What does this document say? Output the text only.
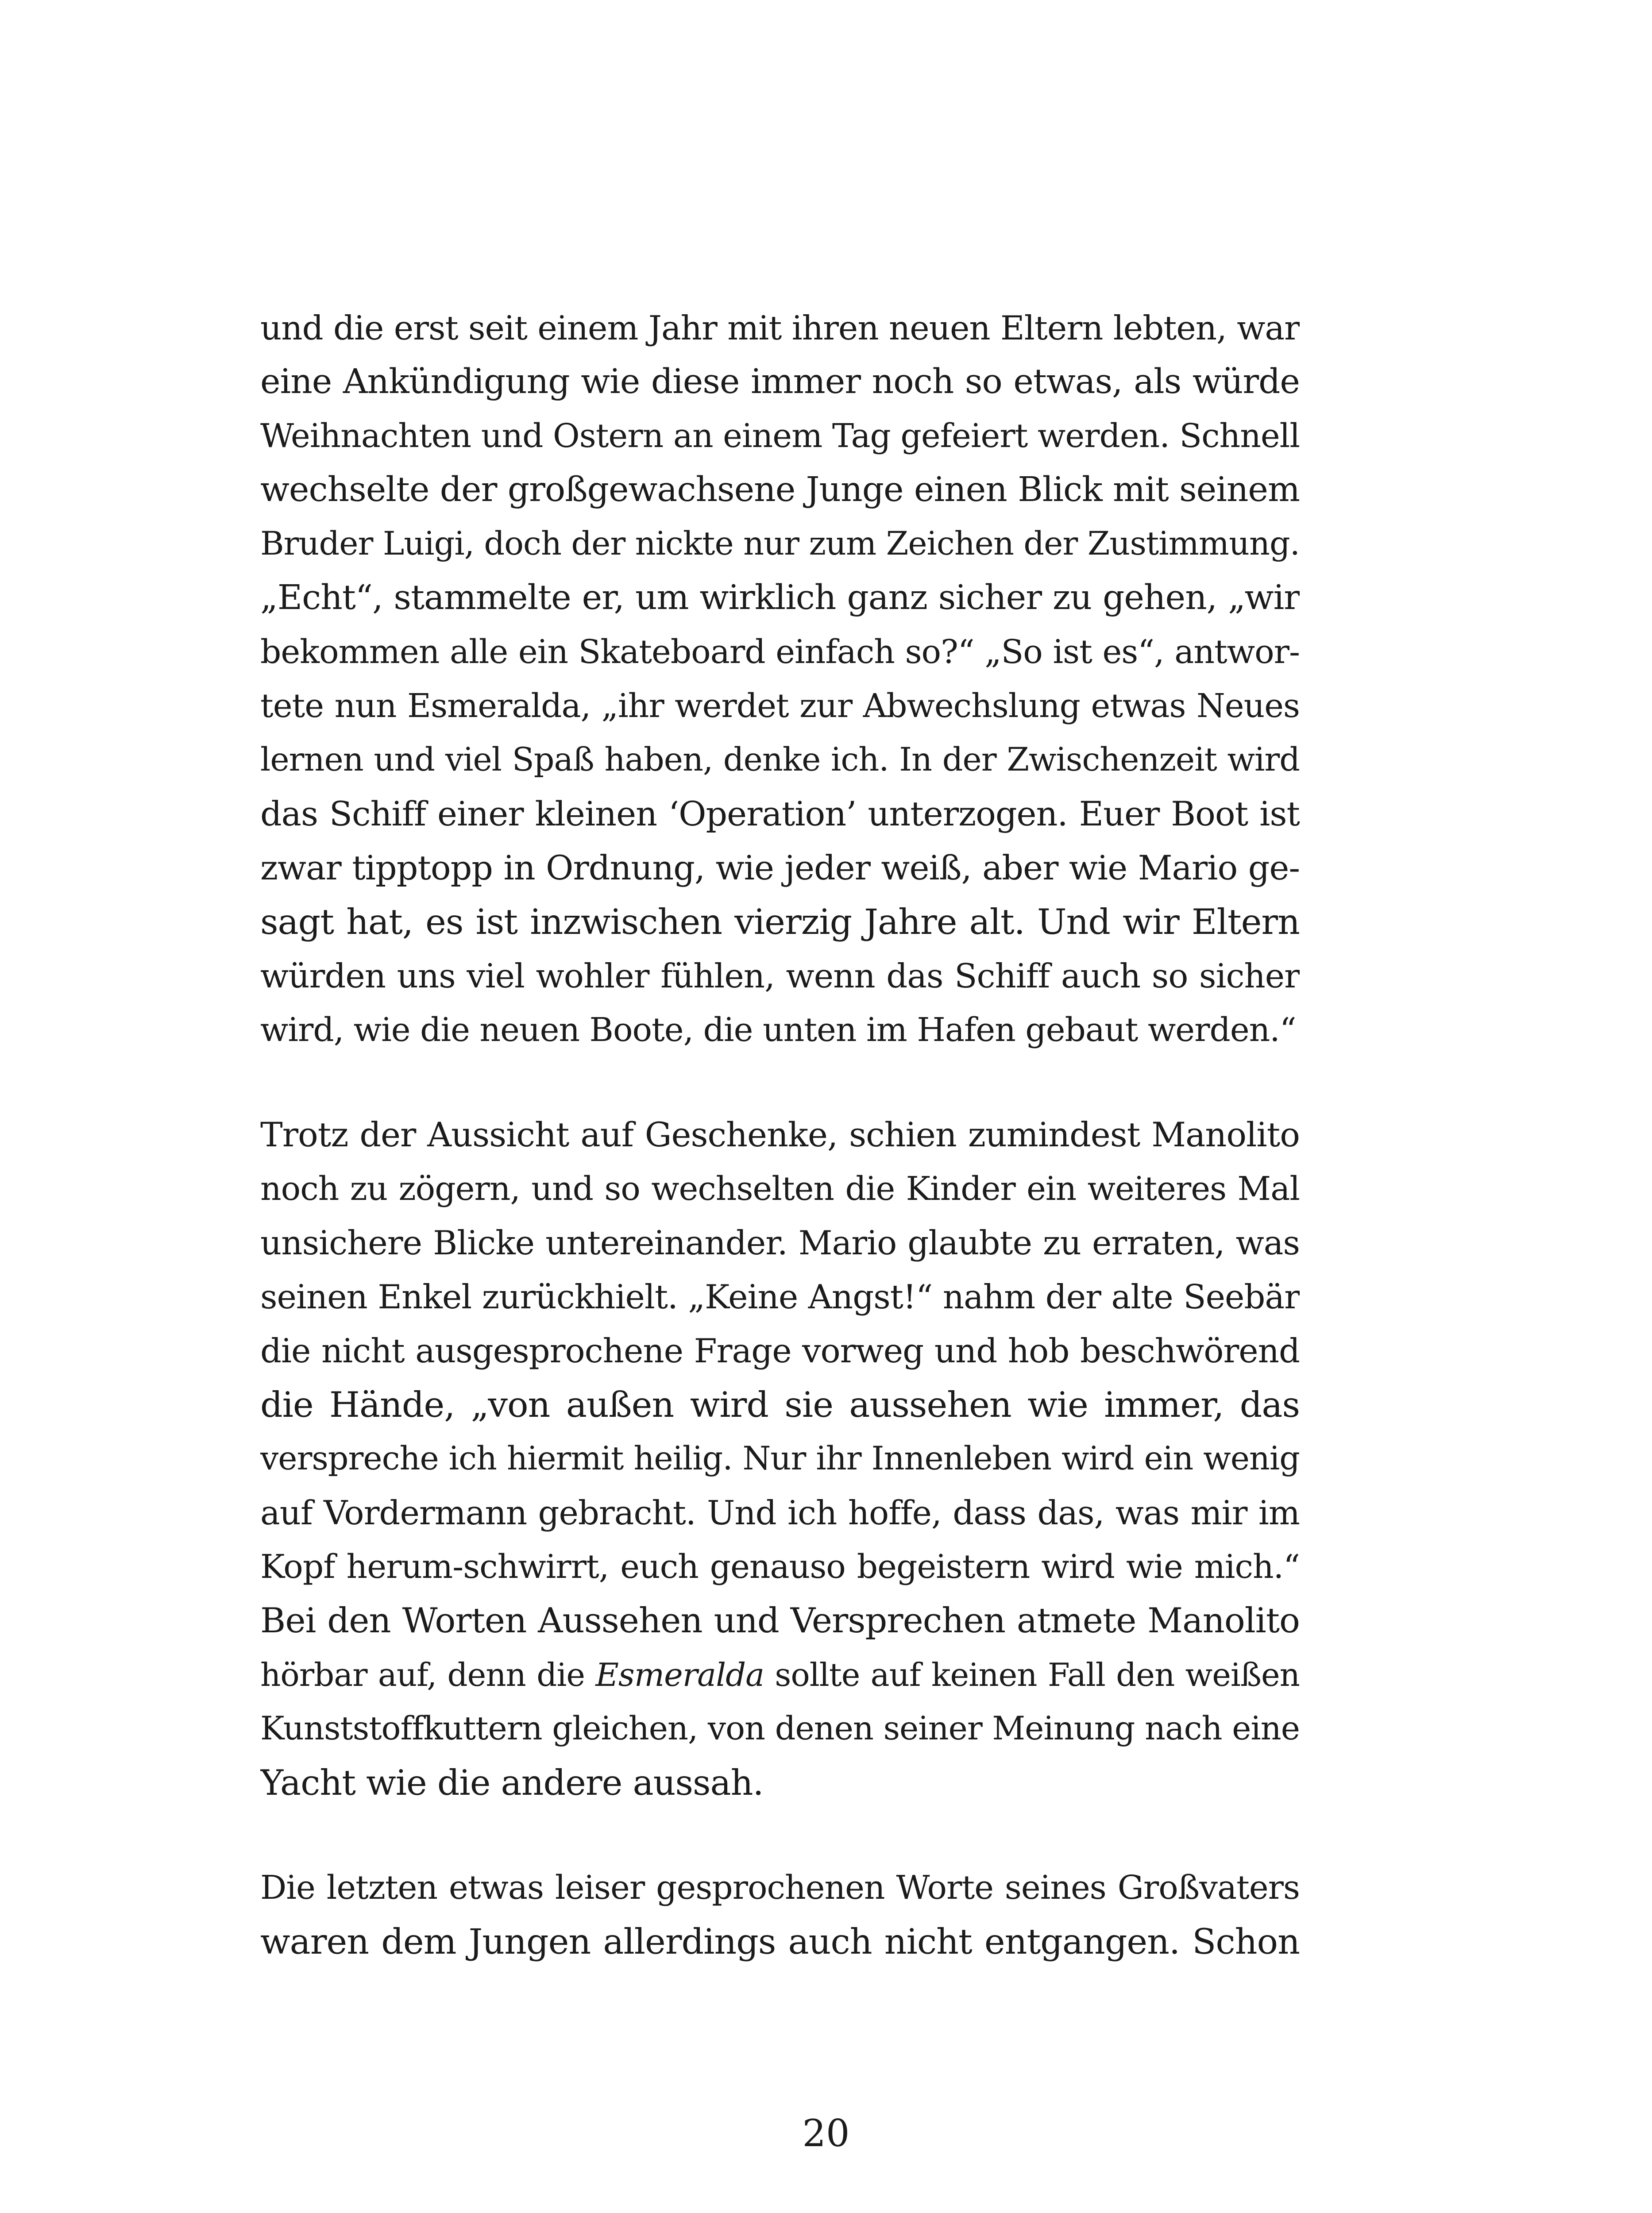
und die erst seit einem Jahr mit ihren neuen Eltern lebten, war
eine Ankündigung wie diese immer noch so etwas, als würde
Weihnachten und Ostern an einem Tag gefeiert werden. Schnell
wechselte der großgewachsene Junge einen Blick mit seinem
Bruder Luigi, doch der nickte nur zum Zeichen der Zustimmung.
„Echt“, stammelte er, um wirklich ganz sicher zu gehen, „wir
bekommen alle ein Skateboard einfach so?“ „So ist es“, antwor-
tete nun Esmeralda, „ihr werdet zur Abwechslung etwas Neues
lernen und viel Spaß haben, denke ich. In der Zwischenzeit wird
das Schiff einer kleinen ‘Operation’ unterzogen. Euer Boot ist
zwar tipptopp in Ordnung, wie jeder weiß, aber wie Mario ge-
sagt hat, es ist inzwischen vierzig Jahre alt. Und wir Eltern
würden uns viel wohler fühlen, wenn das Schiff auch so sicher
wird, wie die neuen Boote, die unten im Hafen gebaut werden.“

Trotz der Aussicht auf Geschenke, schien zumindest Manolito
noch zu zögern, und so wechselten die Kinder ein weiteres Mal
unsichere Blicke untereinander. Mario glaubte zu erraten, was
seinen Enkel zurückhielt. „Keine Angst!“ nahm der alte Seebär
die nicht ausgesprochene Frage vorweg und hob beschwörend
die Hände, „von außen wird sie aussehen wie immer, das
verspreche ich hiermit heilig. Nur ihr Innenleben wird ein wenig
auf Vordermann gebracht. Und ich hoffe, dass das, was mir im
Kopf herum-schwirrt, euch genauso begeistern wird wie mich.“
Bei den Worten Aussehen und Versprechen atmete Manolito
hörbar auf, denn die Esmeralda sollte auf keinen Fall den weißen
Kunststoffkuttern gleichen, von denen seiner Meinung nach eine
Yacht wie die andere aussah.

Die letzten etwas leiser gesprochenen Worte seines Großvaters
waren dem Jungen allerdings auch nicht entgangen. Schon

20
